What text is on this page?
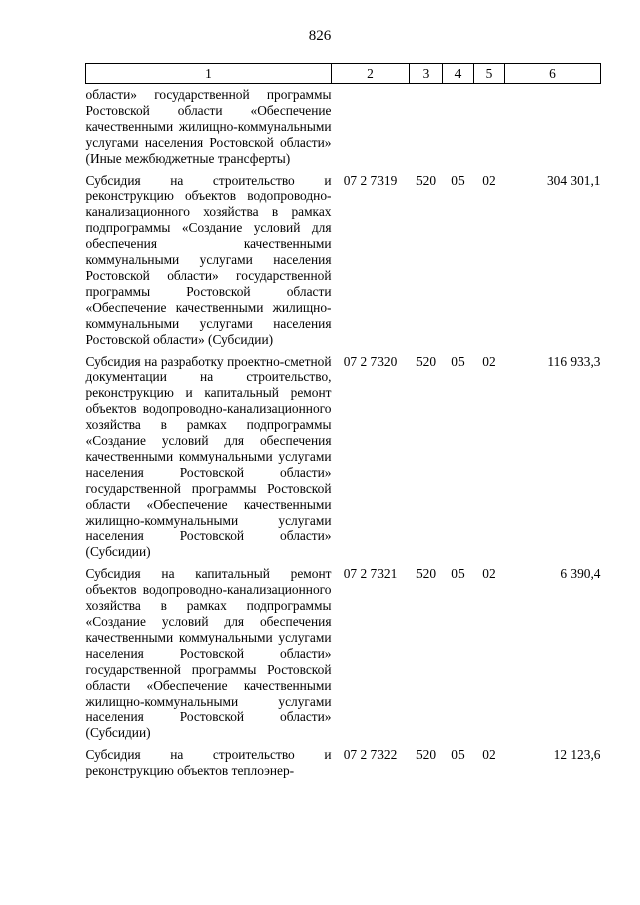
826
1	2	3	4	5	6
области» государственной программы Ростовской области «Обеспечение качественными жилищно-коммунальными услугами населения Ростовской области» (Иные межбюджетные трансферты)					
Субсидия на строительство и реконструкцию объектов водопроводно-канализационного хозяйства в рамках подпрограммы «Создание условий для обеспечения качественными коммунальными услугами населения Ростовской области» государственной программы Ростовской области «Обеспечение качественными жилищно-коммунальными услугами населения Ростовской области» (Субсидии)	07 2 7319	520	05	02	304 301,1
Субсидия на разработку проектно-сметной документации на строительство, реконструкцию и капитальный ремонт объектов водопроводно-канализационного хозяйства в рамках подпрограммы «Создание условий для обеспечения качественными коммунальными услугами населения Ростовской области» государственной программы Ростовской области «Обеспечение качественными жилищно-коммунальными услугами населения Ростовской области» (Субсидии)	07 2 7320	520	05	02	116 933,3
Субсидия на капитальный ремонт объектов водопроводно-канализационного хозяйства в рамках подпрограммы «Создание условий для обеспечения качественными коммунальными услугами населения Ростовской области» государственной программы Ростовской области «Обеспечение качественными жилищно-коммунальными услугами населения Ростовской области» (Субсидии)	07 2 7321	520	05	02	6 390,4
Субсидия на строительство и реконструкцию объектов теплоэнер-	07 2 7322	520	05	02	12 123,6
